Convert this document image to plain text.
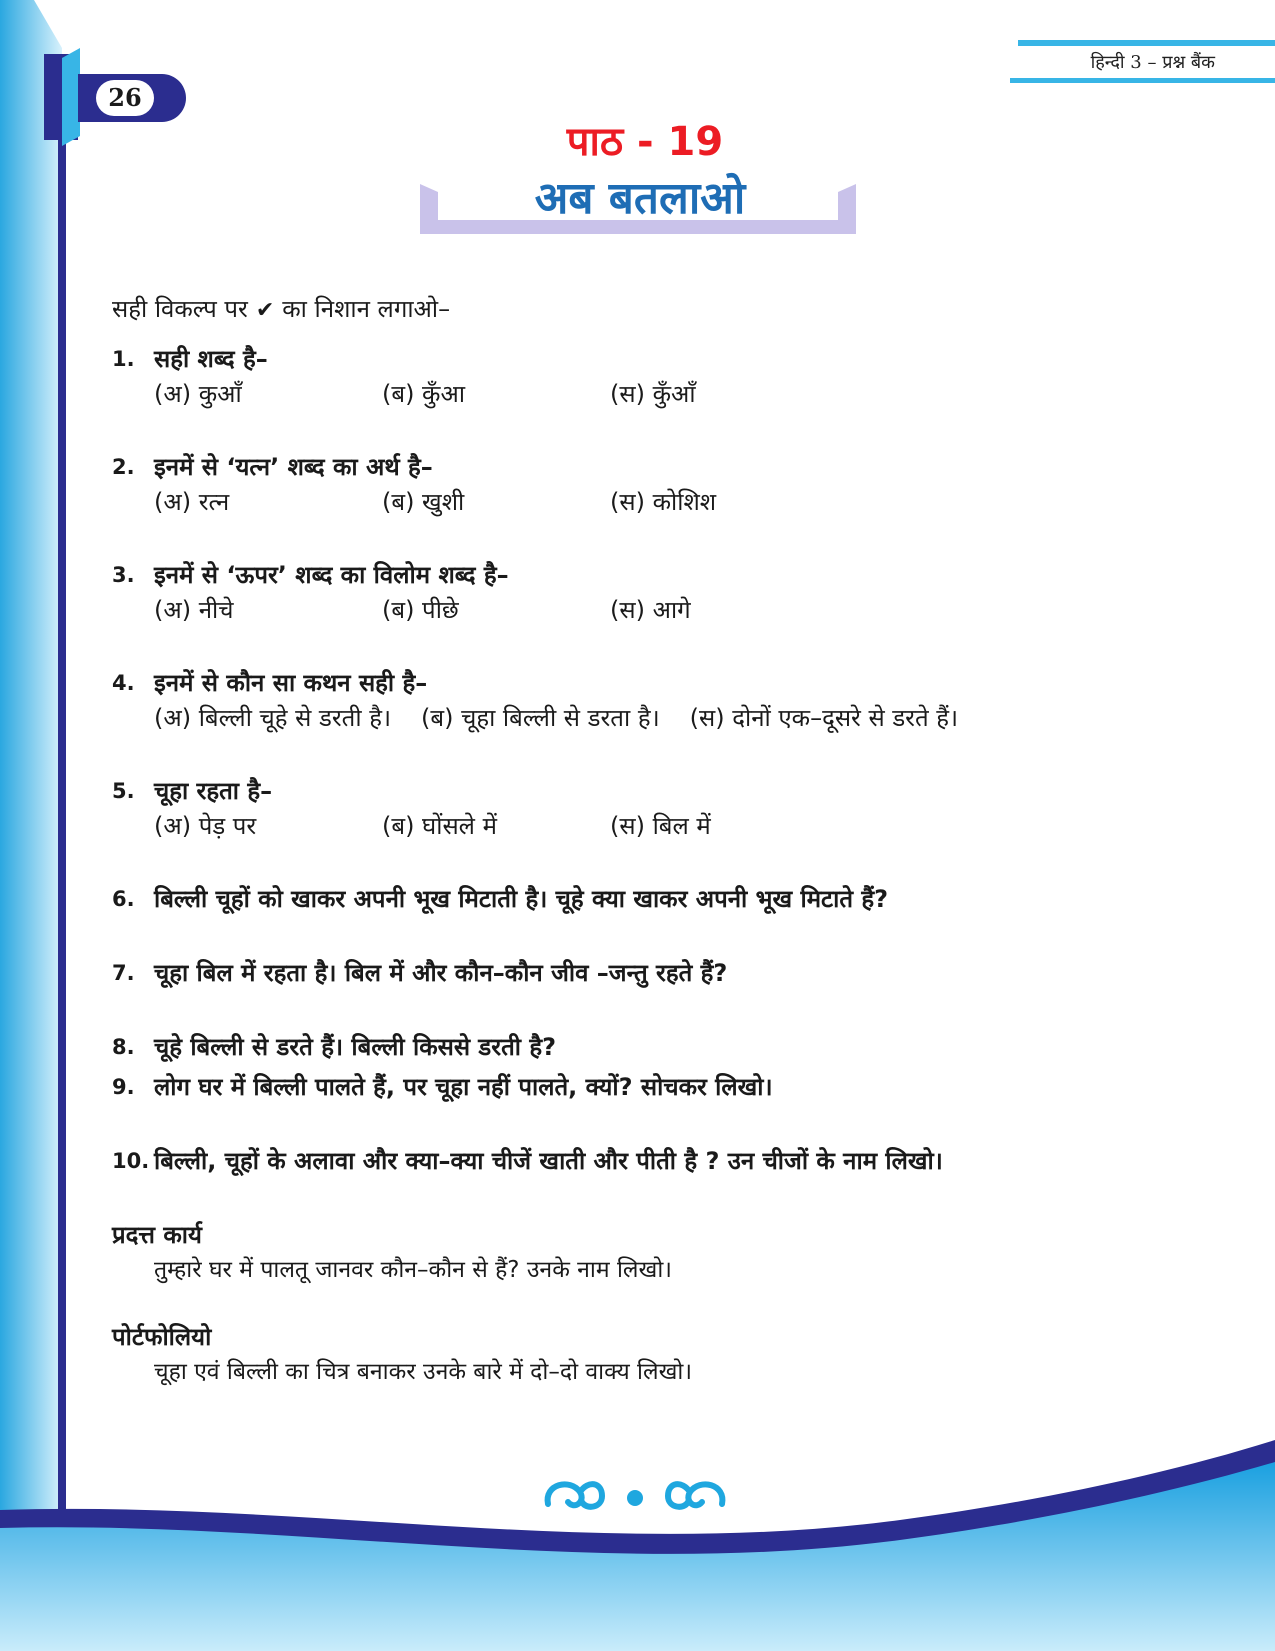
26
हिन्दी 3 – प्रश्न बैंक
पाठ - 19
अब बतलाओ
सही विकल्प पर ✔ का निशान लगाओ–
1. सही शब्द है–
(अ) कुआँ	(ब) कुँआ	(स) कुँआँ
2. इनमें से ‘यत्न’ शब्द का अर्थ है–
(अ) रत्न	(ब) खुशी	(स) कोशिश
3. इनमें से ‘ऊपर’ शब्द का विलोम शब्द है–
(अ) नीचे	(ब) पीछे	(स) आगे
4. इनमें से कौन सा कथन सही है–
(अ) बिल्ली चूहे से डरती है। (ब) चूहा बिल्ली से डरता है। (स) दोनों एक–दूसरे से डरते हैं।
5. चूहा रहता है–
(अ) पेड़ पर	(ब) घोंसले में	(स) बिल में
6. बिल्ली चूहों को खाकर अपनी भूख मिटाती है। चूहे क्या खाकर अपनी भूख मिटाते हैं?
7. चूहा बिल में रहता है। बिल में और कौन–कौन जीव –जन्तु रहते हैं?
8. चूहे बिल्ली से डरते हैं। बिल्ली किससे डरती है?
9. लोग घर में बिल्ली पालते हैं, पर चूहा नहीं पालते, क्यों? सोचकर लिखो।
10. बिल्ली, चूहों के अलावा और क्या–क्या चीजें खाती और पीती है ? उन चीजों के नाम लिखो।
प्रदत्त कार्य
तुम्हारे घर में पालतू जानवर कौन–कौन से हैं? उनके नाम लिखो।
पोर्टफोलियो
चूहा एवं बिल्ली का चित्र बनाकर उनके बारे में दो–दो वाक्य लिखो।
